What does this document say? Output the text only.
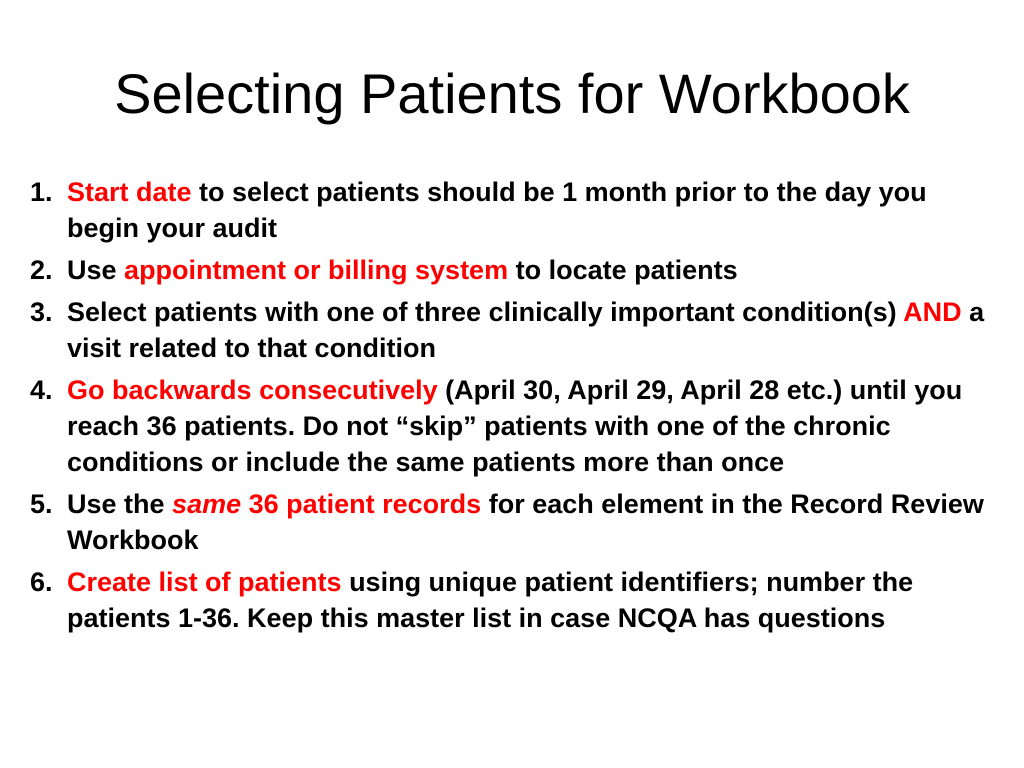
Selecting Patients for Workbook
1. Start date to select patients should be 1 month prior to the day you begin your audit
2. Use appointment or billing system to locate patients
3. Select patients with one of three clinically important condition(s) AND a visit related to that condition
4. Go backwards consecutively (April 30, April 29, April 28 etc.) until you reach 36 patients. Do not “skip” patients with one of the chronic conditions or include the same patients more than once
5. Use the same 36 patient records for each element in the Record Review Workbook
6. Create list of patients using unique patient identifiers; number the patients 1-36. Keep this master list in case NCQA has questions
